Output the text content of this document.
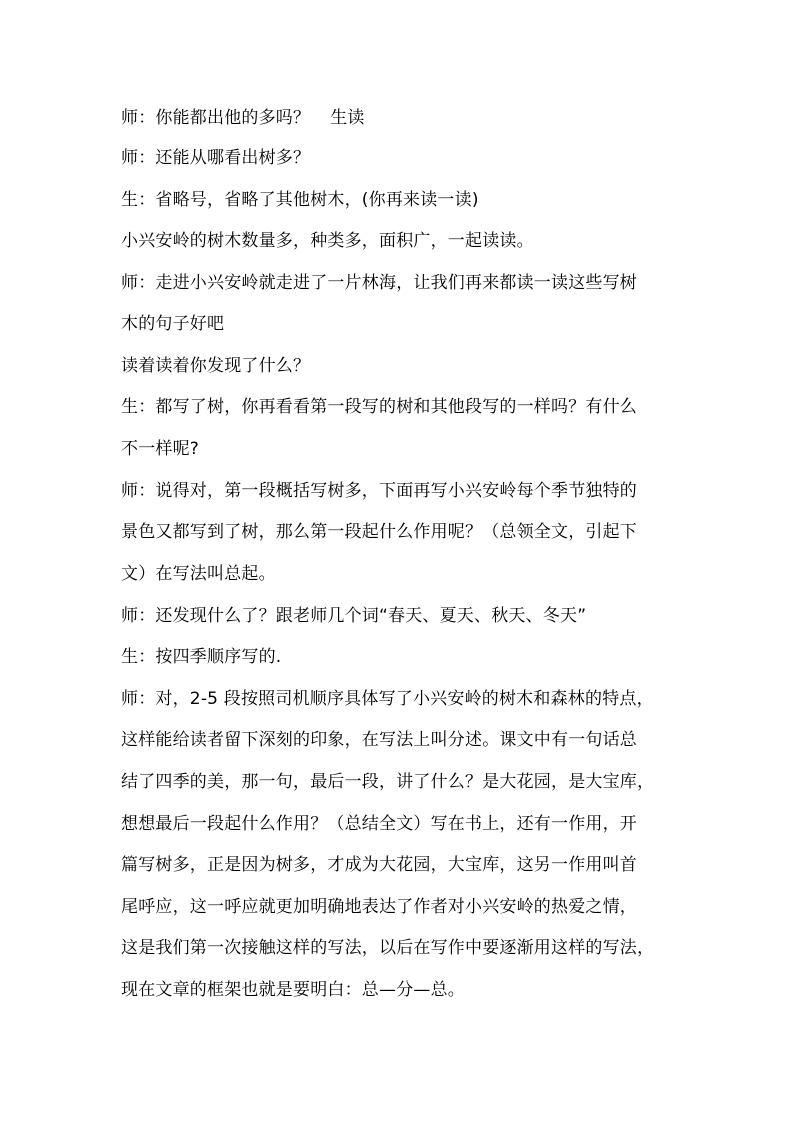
师：你能都出他的多吗？ 生读
师：还能从哪看出树多？
生：省略号，省略了其他树木，(你再来读一读)
小兴安岭的树木数量多，种类多，面积广，一起读读。
师：走进小兴安岭就走进了一片林海，让我们再来都读一读这些写树
木的句子好吧
读着读着你发现了什么？
生：都写了树，你再看看第一段写的树和其他段写的一样吗？有什么
不一样呢?
师：说得对，第一段概括写树多，下面再写小兴安岭每个季节独特的
景色又都写到了树，那么第一段起什么作用呢？（总领全文，引起下
文）在写法叫总起。
师：还发现什么了？跟老师几个词“春天、夏天、秋天、冬天”
生：按四季顺序写的.
师：对，2-5 段按照司机顺序具体写了小兴安岭的树木和森林的特点，
这样能给读者留下深刻的印象，在写法上叫分述。课文中有一句话总
结了四季的美，那一句，最后一段，讲了什么？是大花园，是大宝库，
想想最后一段起什么作用？（总结全文）写在书上，还有一作用，开
篇写树多，正是因为树多，才成为大花园，大宝库，这另一作用叫首
尾呼应，这一呼应就更加明确地表达了作者对小兴安岭的热爱之情，
这是我们第一次接触这样的写法，以后在写作中要逐渐用这样的写法，
现在文章的框架也就是要明白：总—分—总。
